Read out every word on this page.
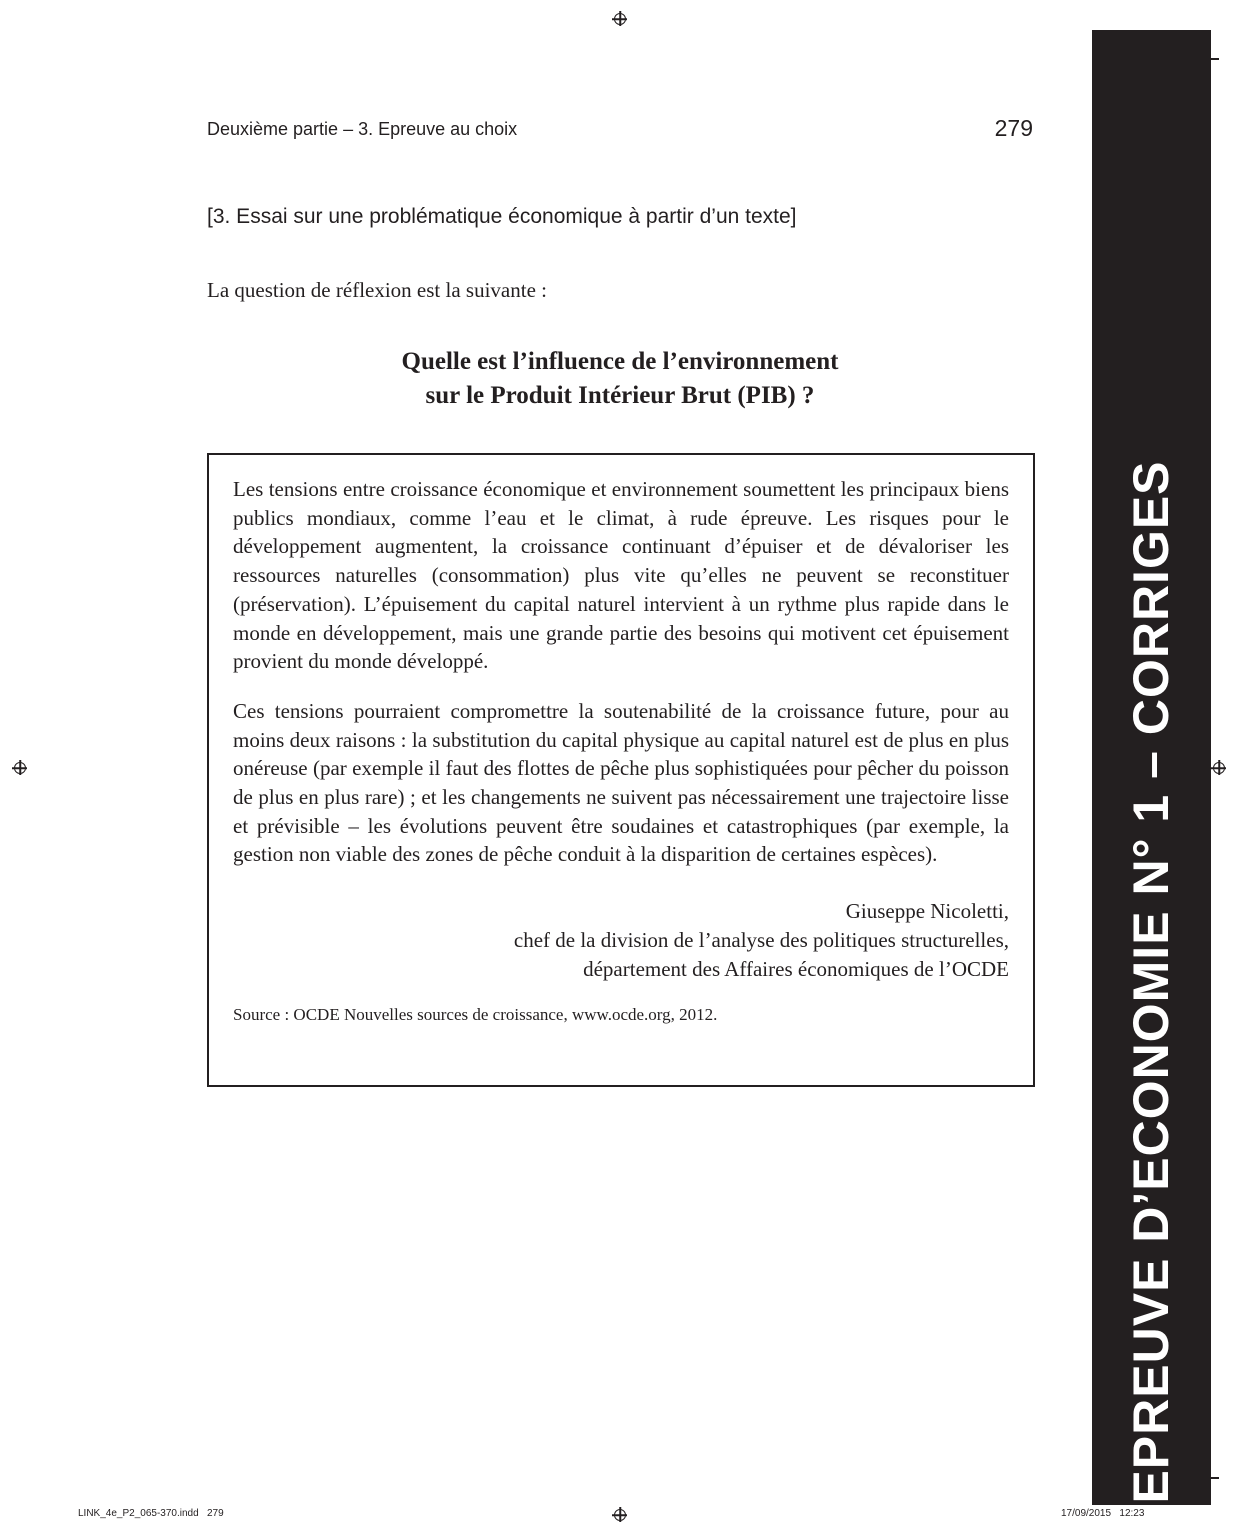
Deuxième partie – 3. Epreuve au choix	279
[3. Essai sur une problématique économique à partir d’un texte]
La question de réflexion est la suivante :
Quelle est l’influence de l’environnement
sur le Produit Intérieur Brut (PIB) ?

Les tensions entre croissance économique et environnement soumettent les principaux biens publics mondiaux, comme l’eau et le climat, à rude épreuve. Les risques pour le développement augmentent, la croissance continuant d’épuiser et de dévaloriser les ressources naturelles (consommation) plus vite qu’elles ne peuvent se reconstituer (préservation). L’épuisement du capital naturel intervient à un rythme plus rapide dans le monde en développement, mais une grande partie des besoins qui motivent cet épuisement provient du monde développé.

Ces tensions pourraient compromettre la soutenabilité de la croissance future, pour au moins deux raisons : la substitution du capital physique au capital naturel est de plus en plus onéreuse (par exemple il faut des flottes de pêche plus sophistiquées pour pêcher du poisson de plus en plus rare) ; et les changements ne suivent pas nécessairement une trajectoire lisse et prévisible – les évolutions peuvent être soudaines et catastrophiques (par exemple, la gestion non viable des zones de pêche conduit à la disparition de certaines espèces).

Giuseppe Nicoletti,
chef de la division de l’analyse des politiques structurelles,
département des Affaires économiques de l’OCDE
Source : OCDE Nouvelles sources de croissance, www.ocde.org, 2012.	EPREUVE D’ECONOMIE N° 1 – CORRIGES
LINK_4e_P2_065-370.indd   279	17/09/2015   12:23
